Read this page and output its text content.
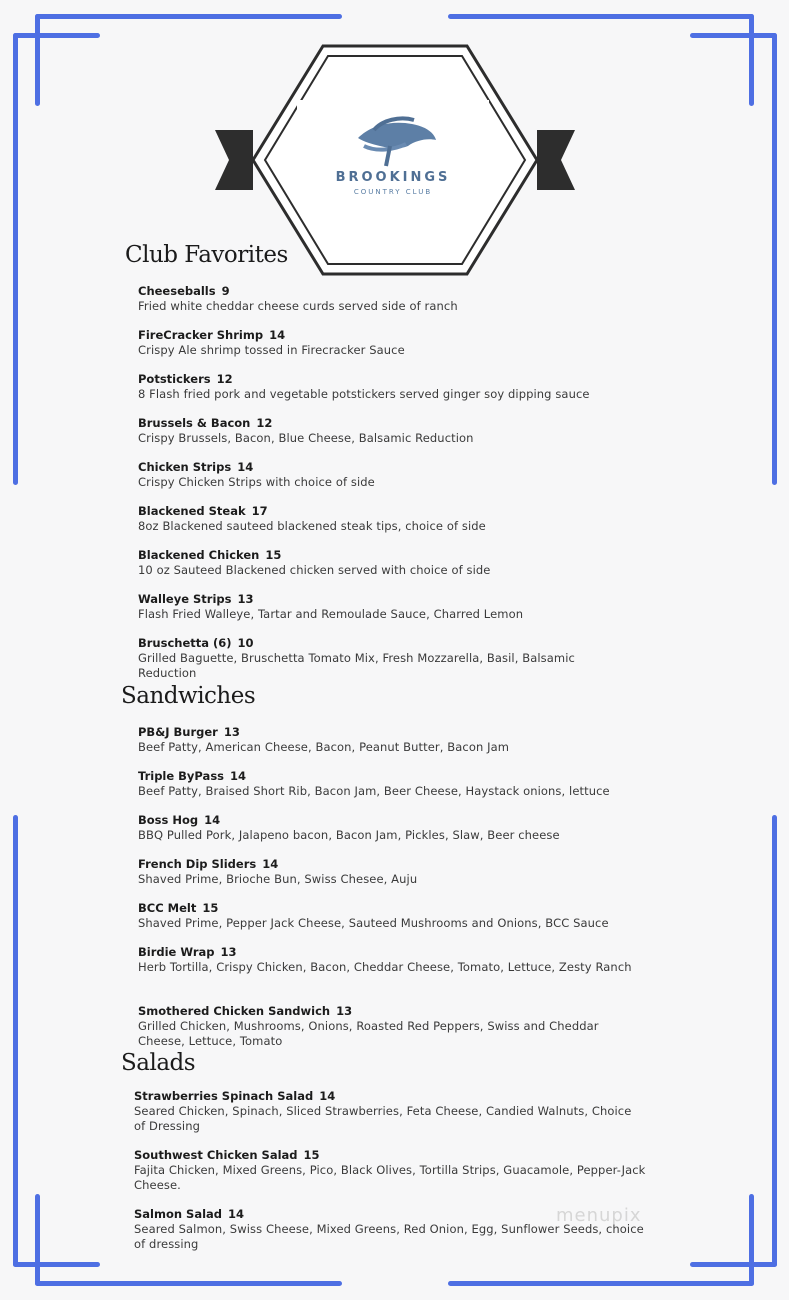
BROOKINGS
COUNTRY CLUB
Club Favorites
Cheeseballs 9
Fried white cheddar cheese curds served side of ranch
FireCracker Shrimp 14
Crispy Ale shrimp tossed in Firecracker Sauce
Potstickers 12
8 Flash fried pork and vegetable potstickers served ginger soy dipping sauce
Brussels & Bacon 12
Crispy Brussels, Bacon, Blue Cheese, Balsamic Reduction
Chicken Strips 14
Crispy Chicken Strips with choice of side
Blackened Steak 17
8oz Blackened sauteed blackened steak tips, choice of side
Blackened Chicken 15
10 oz Sauteed Blackened chicken served with choice of side
Walleye Strips 13
Flash Fried Walleye, Tartar and Remoulade Sauce, Charred Lemon
Bruschetta (6) 10
Grilled Baguette, Bruschetta Tomato Mix, Fresh Mozzarella, Basil, Balsamic Reduction
Sandwiches
PB&J Burger 13
Beef Patty, American Cheese, Bacon, Peanut Butter, Bacon Jam
Triple ByPass 14
Beef Patty, Braised Short Rib, Bacon Jam, Beer Cheese, Haystack onions, lettuce
Boss Hog 14
BBQ Pulled Pork, Jalapeno bacon, Bacon Jam, Pickles, Slaw, Beer cheese
French Dip Sliders 14
Shaved Prime, Brioche Bun, Swiss Chesee, Auju
BCC Melt 15
Shaved Prime, Pepper Jack Cheese, Sauteed Mushrooms and Onions, BCC Sauce
Birdie Wrap 13
Herb Tortilla, Crispy Chicken, Bacon, Cheddar Cheese, Tomato, Lettuce, Zesty Ranch
Smothered Chicken Sandwich 13
Grilled Chicken, Mushrooms, Onions, Roasted Red Peppers, Swiss and Cheddar Cheese, Lettuce, Tomato
Salads
Strawberries Spinach Salad 14
Seared Chicken, Spinach, Sliced Strawberries, Feta Cheese, Candied Walnuts, Choice of Dressing
Southwest Chicken Salad 15
Fajita Chicken, Mixed Greens, Pico, Black Olives, Tortilla Strips, Guacamole, Pepper-Jack Cheese.
Salmon Salad 14
Seared Salmon, Swiss Cheese, Mixed Greens, Red Onion, Egg, Sunflower Seeds, choice of dressing
menupix
